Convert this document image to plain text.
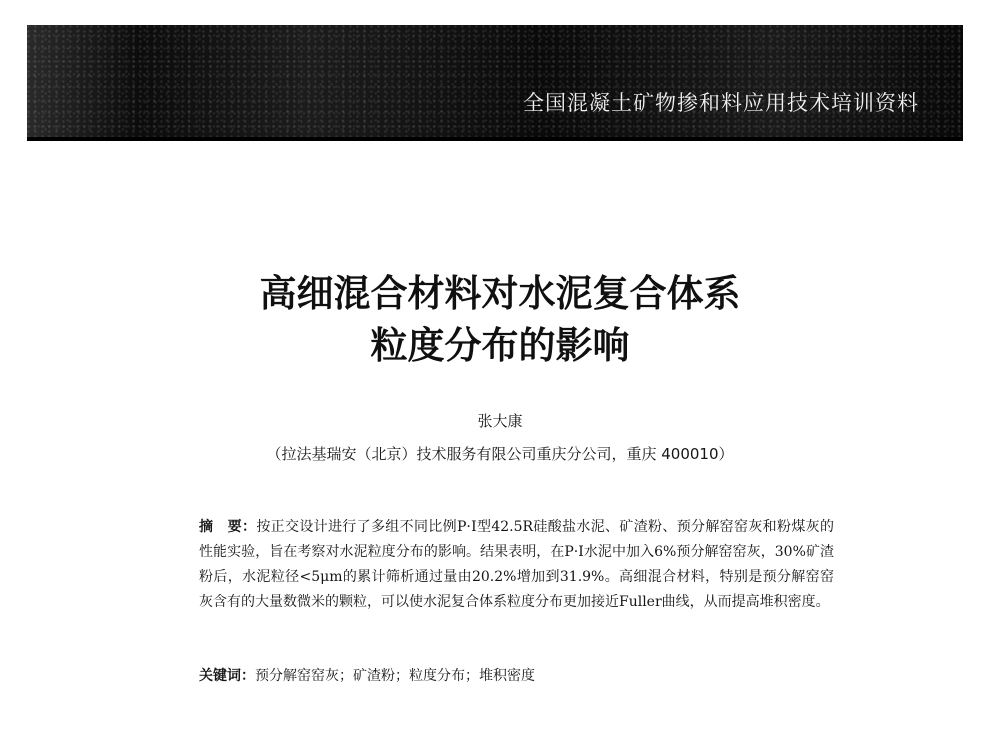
全国混凝土矿物掺和料应用技术培训资料
高细混合材料对水泥复合体系
粒度分布的影响
张大康
（拉法基瑞安（北京）技术服务有限公司重庆分公司，重庆 400010）

摘　要：按正交设计进行了多组不同比例P·Ⅰ型42.5R硅酸盐水泥、矿渣粉、预分解窑窑灰和粉煤灰的性能实验，旨在考察对水泥粒度分布的影响。结果表明，在P·Ⅰ水泥中加入6%预分解窑窑灰，30%矿渣粉后，水泥粒径<5μm的累计筛析通过量由20.2%增加到31.9%。高细混合材料，特别是预分解窑窑灰含有的大量数微米的颗粒，可以使水泥复合体系粒度分布更加接近Fuller曲线，从而提高堆积密度。

关键词：预分解窑窑灰；矿渣粉；粒度分布；堆积密度
